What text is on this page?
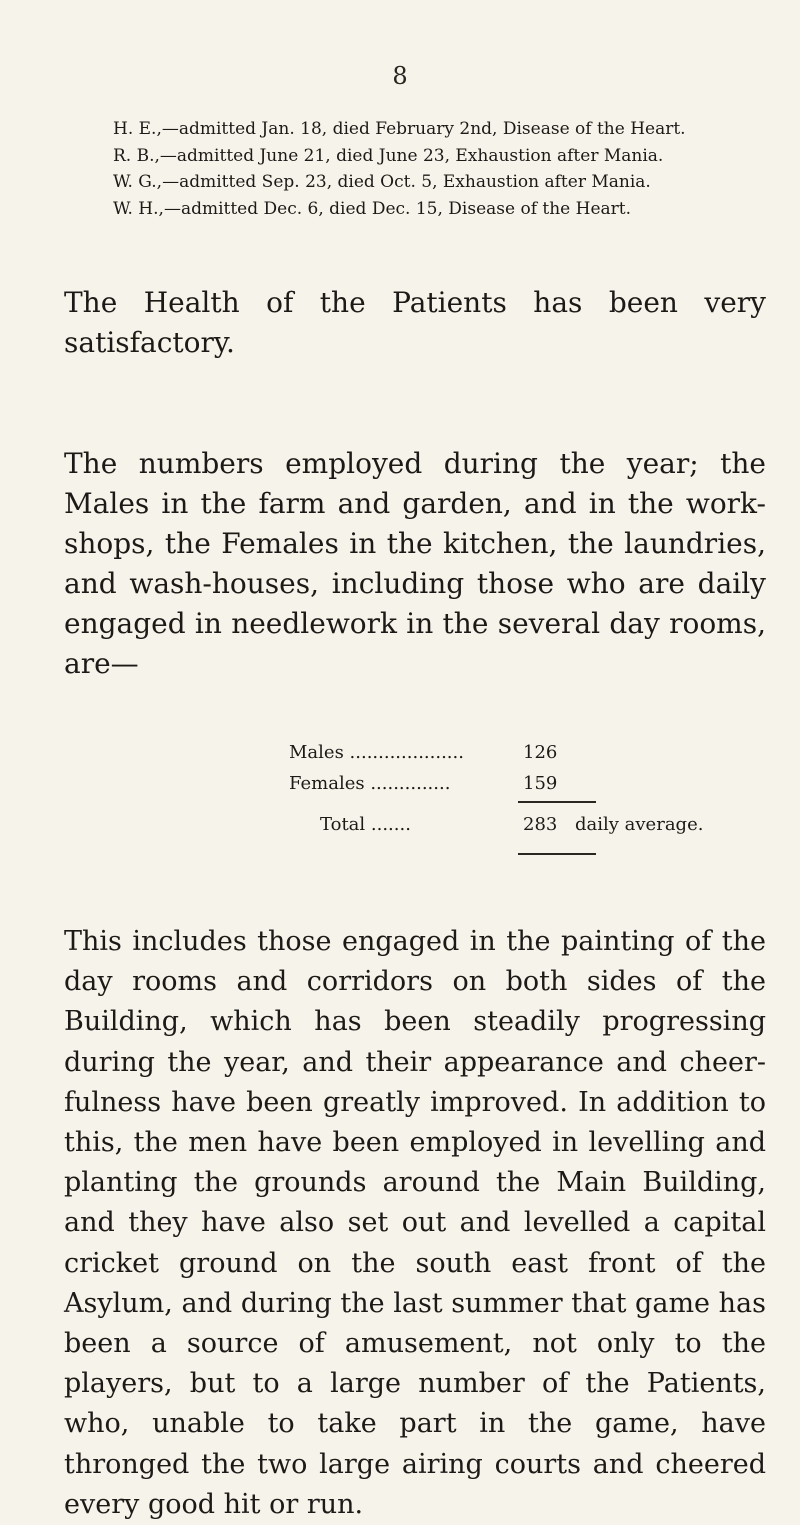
8
H. E.,—admitted Jan. 18, died February 2nd, Disease of the Heart.
R. B.,—admitted June 21, died June 23, Exhaustion after Mania.
W. G.,—admitted Sep. 23, died Oct. 5, Exhaustion after Mania.
W. H.,—admitted Dec. 6, died Dec. 15, Disease of the Heart.

The Health of the Patients has been very satisfactory.

The numbers employed during the year; the Males in the farm and garden, and in the work-shops, the Females in the kitchen, the laundries, and wash-houses, including those who are daily engaged in needlework in the several day rooms, are—

Males ....................	126
Females ..............	159
Total .......	283 daily average.

This includes those engaged in the painting of the day rooms and corridors on both sides of the Building, which has been steadily progressing during the year, and their appearance and cheer-fulness have been greatly improved. In addition to this, the men have been employed in levelling and planting the grounds around the Main Building, and they have also set out and levelled a capital cricket ground on the south east front of the Asylum, and during the last summer that game has been a source of amusement, not only to the players, but to a large number of the Patients, who, unable to take part in the game, have thronged the two large airing courts and cheered every good hit or run.
